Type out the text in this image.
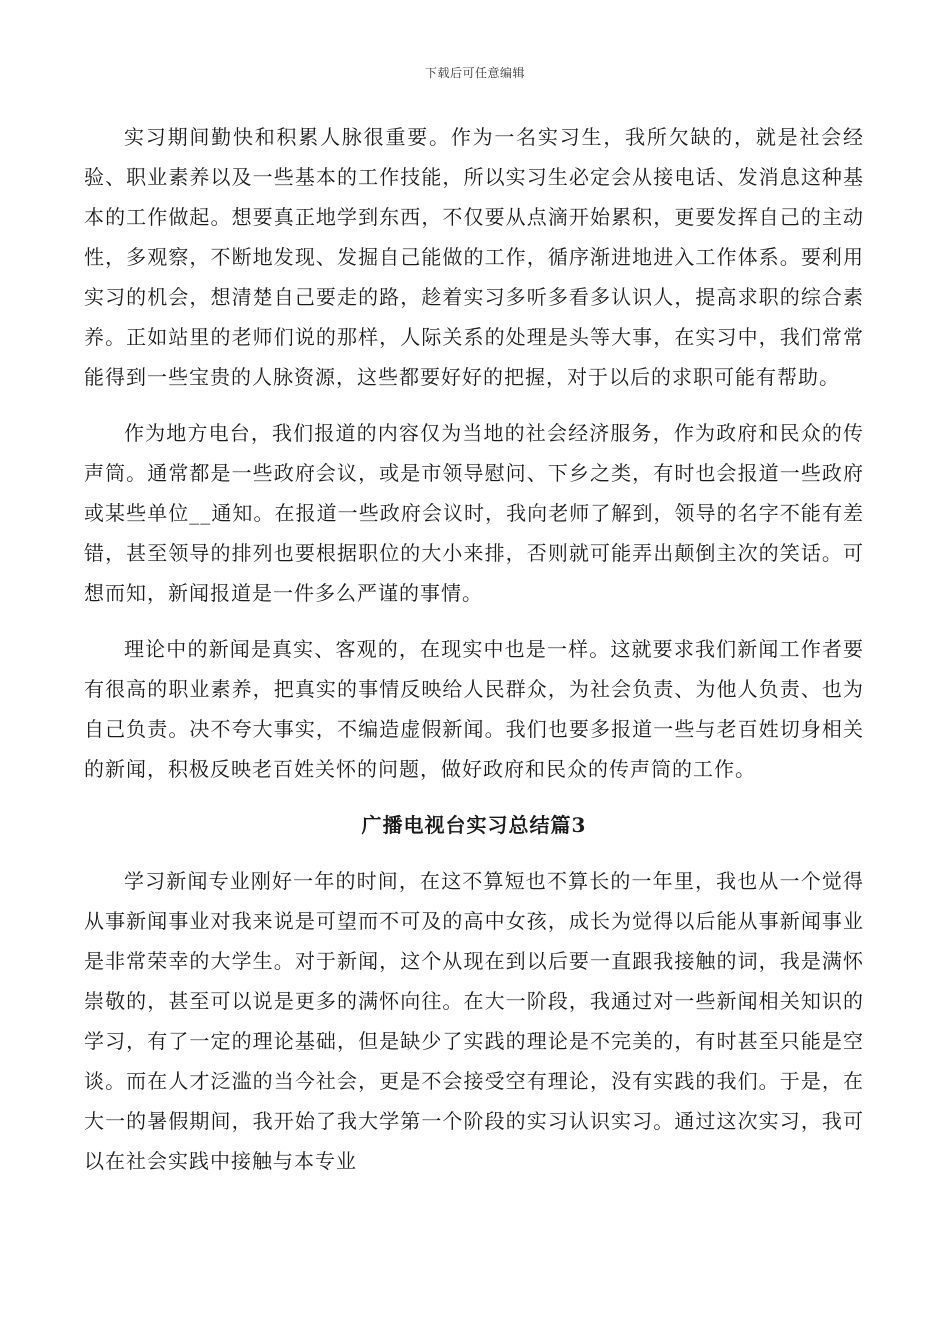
下载后可任意编辑

实习期间勤快和积累人脉很重要。作为一名实习生，我所欠缺的，就是社会经验、职业素养以及一些基本的工作技能，所以实习生必定会从接电话、发消息这种基本的工作做起。想要真正地学到东西，不仅要从点滴开始累积，更要发挥自己的主动性，多观察，不断地发现、发掘自己能做的工作，循序渐进地进入工作体系。要利用实习的机会，想清楚自己要走的路，趁着实习多听多看多认识人，提高求职的综合素养。正如站里的老师们说的那样，人际关系的处理是头等大事，在实习中，我们常常能得到一些宝贵的人脉资源，这些都要好好的把握，对于以后的求职可能有帮助。

作为地方电台，我们报道的内容仅为当地的社会经济服务，作为政府和民众的传声筒。通常都是一些政府会议，或是市领导慰问、下乡之类，有时也会报道一些政府或某些单位__通知。在报道一些政府会议时，我向老师了解到，领导的名字不能有差错，甚至领导的排列也要根据职位的大小来排，否则就可能弄出颠倒主次的笑话。可想而知，新闻报道是一件多么严谨的事情。

理论中的新闻是真实、客观的，在现实中也是一样。这就要求我们新闻工作者要有很高的职业素养，把真实的事情反映给人民群众，为社会负责、为他人负责、也为自己负责。决不夸大事实，不编造虚假新闻。我们也要多报道一些与老百姓切身相关的新闻，积极反映老百姓关怀的问题，做好政府和民众的传声筒的工作。

广播电视台实习总结篇3

学习新闻专业刚好一年的时间，在这不算短也不算长的一年里，我也从一个觉得从事新闻事业对我来说是可望而不可及的高中女孩，成长为觉得以后能从事新闻事业是非常荣幸的大学生。对于新闻，这个从现在到以后要一直跟我接触的词，我是满怀崇敬的，甚至可以说是更多的满怀向往。在大一阶段，我通过对一些新闻相关知识的学习，有了一定的理论基础，但是缺少了实践的理论是不完美的，有时甚至只能是空谈。而在人才泛滥的当今社会，更是不会接受空有理论，没有实践的我们。于是，在大一的暑假期间，我开始了我大学第一个阶段的实习认识实习。通过这次实习，我可以在社会实践中接触与本专业
